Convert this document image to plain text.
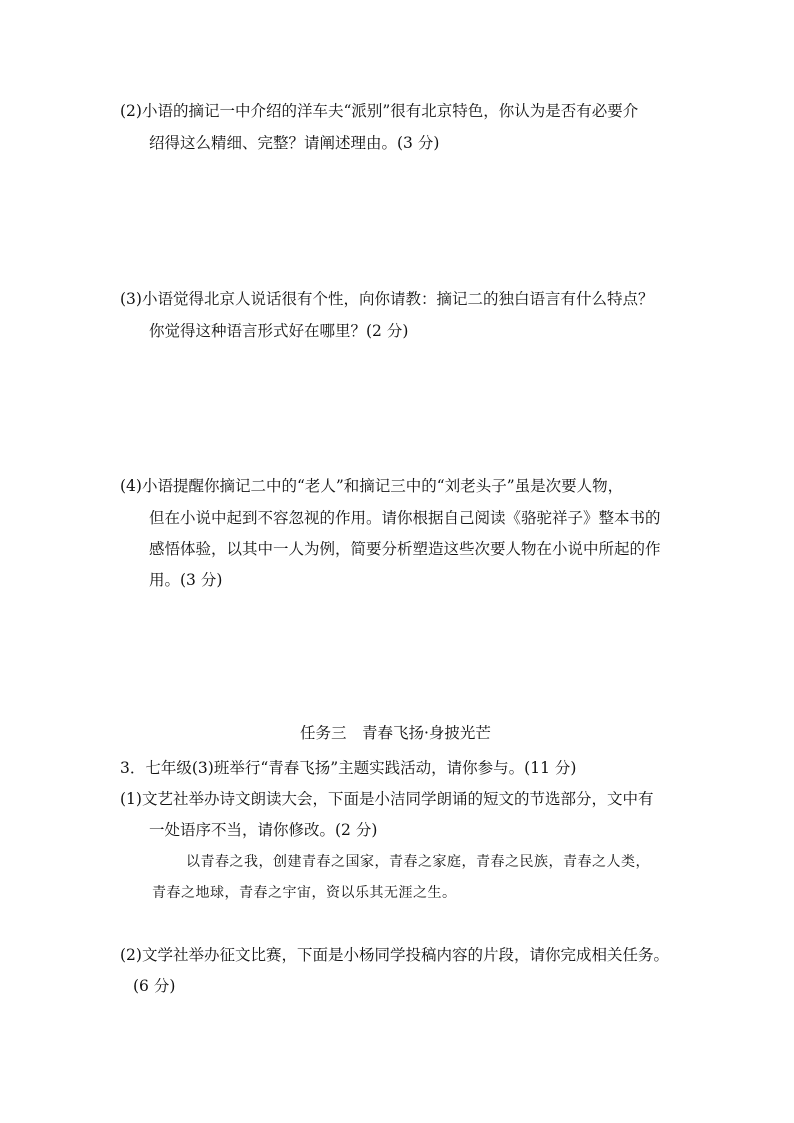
(2)小语的摘记一中介绍的洋车夫“派别”很有北京特色，你认为是否有必要介
绍得这么精细、完整？请阐述理由。(3 分)
(3)小语觉得北京人说话很有个性，向你请教：摘记二的独白语言有什么特点？
你觉得这种语言形式好在哪里？(2 分)
(4)小语提醒你摘记二中的“老人”和摘记三中的“刘老头子”虽是次要人物，
但在小说中起到不容忽视的作用。请你根据自己阅读《骆驼祥子》整本书的
感悟体验，以其中一人为例，简要分析塑造这些次要人物在小说中所起的作
用。(3 分)
任务三　青春飞扬·身披光芒
3．七年级(3)班举行“青春飞扬”主题实践活动，请你参与。(11 分)
(1)文艺社举办诗文朗读大会，下面是小洁同学朗诵的短文的节选部分，文中有
一处语序不当，请你修改。(2 分)
以青春之我，创建青春之国家，青春之家庭，青春之民族，青春之人类，
青春之地球，青春之宇宙，资以乐其无涯之生。
(2)文学社举办征文比赛，下面是小杨同学投稿内容的片段，请你完成相关任务。
(6 分)
